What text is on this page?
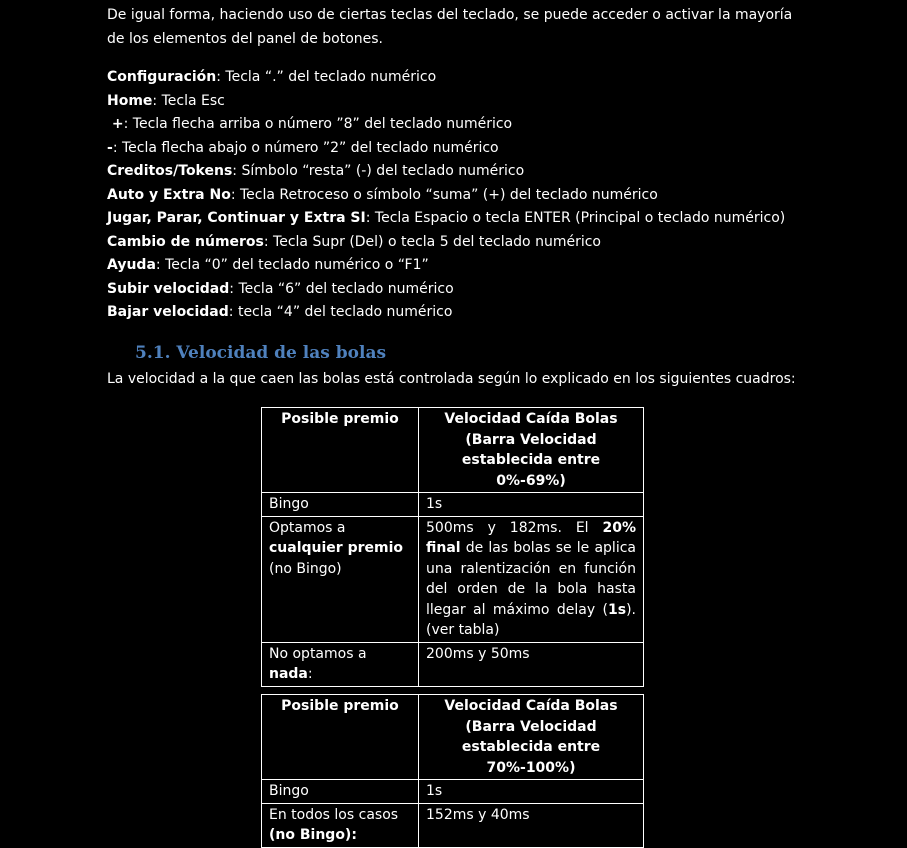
De igual forma, haciendo uso de ciertas teclas del teclado, se puede acceder o activar la mayoría de los elementos del panel de botones.

Configuración: Tecla “.” del teclado numérico

Home: Tecla Esc

+: Tecla flecha arriba o número ”8” del teclado numérico

-: Tecla flecha abajo o número ”2” del teclado numérico

Creditos/Tokens: Símbolo “resta” (-) del teclado numérico

Auto y Extra No: Tecla Retroceso o símbolo “suma” (+) del teclado numérico

Jugar, Parar, Continuar y Extra SI: Tecla Espacio o tecla ENTER (Principal o teclado numérico)

Cambio de números: Tecla Supr (Del) o tecla 5 del teclado numérico

Ayuda: Tecla “0” del teclado numérico o “F1”

Subir velocidad: Tecla “6” del teclado numérico

Bajar velocidad: tecla “4” del teclado numérico

5.1. Velocidad de las bolas

La velocidad a la que caen las bolas está controlada según lo explicado en los siguientes cuadros:

Posible premio	Velocidad Caída Bolas (Barra Velocidad establecida entre 0%-69%)
Bingo	1s
Optamos a
cualquier premio
(no Bingo)	500ms y 182ms. El 20% final de las bolas se le aplica una ralentización en función del orden de la bola hasta llegar al máximo delay (1s). (ver tabla)
No optamos a nada:	200ms y 50ms
Posible premio	Velocidad Caída Bolas (Barra Velocidad establecida entre 70%-100%)
Bingo	1s
En todos los casos
(no Bingo):	152ms y 40ms
